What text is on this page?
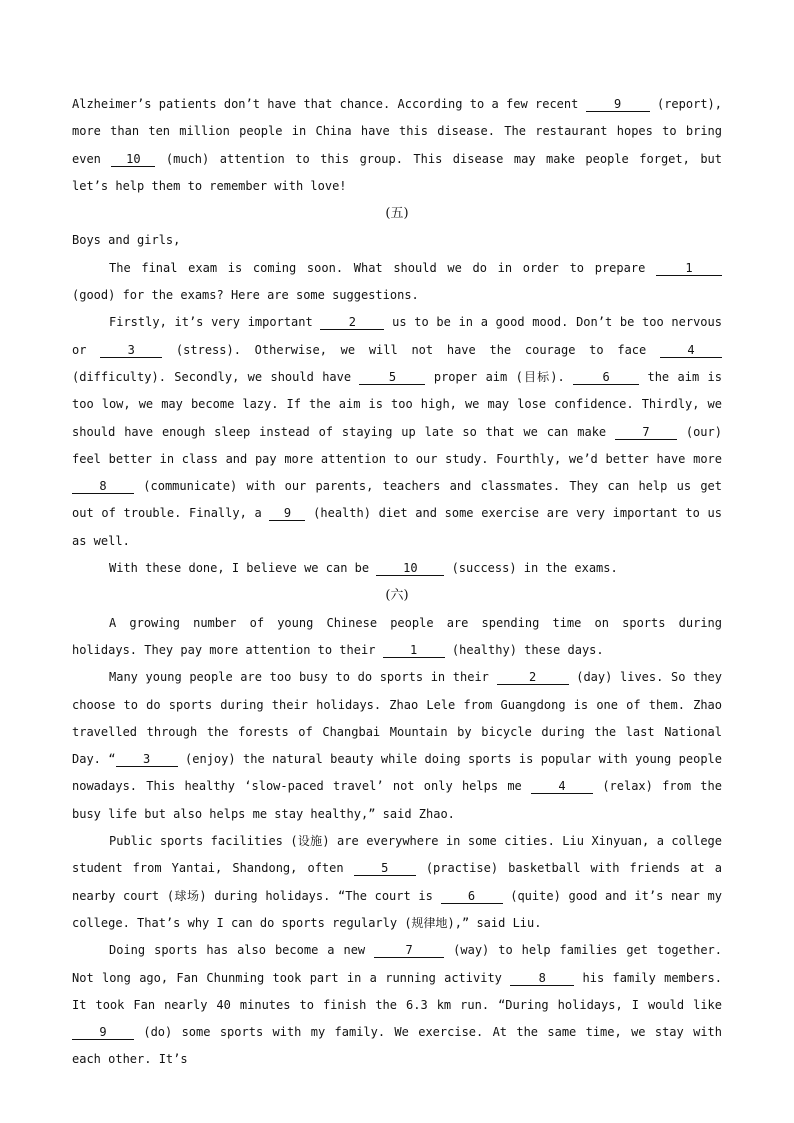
Alzheimer’s patients don’t have that chance. According to a few recent	9	(report), more than ten million people in China have this disease. The restaurant hopes to bring even 10 (much) attention to this group. This disease may make people forget, but let’s help them to remember with love!

(五)
Boys and girls,

The final exam is coming soon. What should we do in order to prepare	1 (good) for the exams? Here are some suggestions.

Firstly, it’s very important	2	us to be in a good mood. Don’t be too nervous or	3	(stress). Otherwise, we will not have the courage to face	4(difficulty). Secondly, we should have	5	proper aim (目标).	6	the aim is too low, we may become lazy. If the aim is too high, we may lose confidence. Thirdly, we should have enough sleep instead of staying up late so that we can make	7	(our) feel better in class and pay more attention to our study. Fourthly, we’d better have more 8	(communicate) with our parents, teachers and classmates. They can help us get out of trouble. Finally, a 9 (health) diet and some exercise are very important to us as well.

With these done, I believe we can be	10	(success) in the exams.

(六)

A growing number of young Chinese people are spending time on sports during holidays. They pay more attention to their	1	(healthy) these days.

Many young people are too busy to do sports in their	2	(day) lives. So they choose to do sports during their holidays. Zhao Lele from Guangdong is one of them. Zhao travelled through the forests of Changbai Mountain by bicycle during the last National Day. “ 3	(enjoy) the natural beauty while doing sports is popular with young people nowadays. This healthy ‘slow-paced travel’ not only helps me	4	(relax) from the busy life but also helps me stay healthy,” said Zhao.

Public sports facilities (设施) are everywhere in some cities. Liu Xinyuan, a college student from Yantai, Shandong, often	5	(practise) basketball with friends at a nearby court (球场) during holidays. “The court is	6	(quite) good and it’s near my college. That’s why I can do sports regularly (规律地),” said Liu.

Doing sports has also become a new	7	(way) to help families get together. Not long ago, Fan Chunming took part in a running activity	8	his family members. It took Fan nearly 40 minutes to finish the 6.3 km run. “During holidays, I would like 9	(do) some sports with my family. We exercise. At the same time, we stay with each other. It’s
